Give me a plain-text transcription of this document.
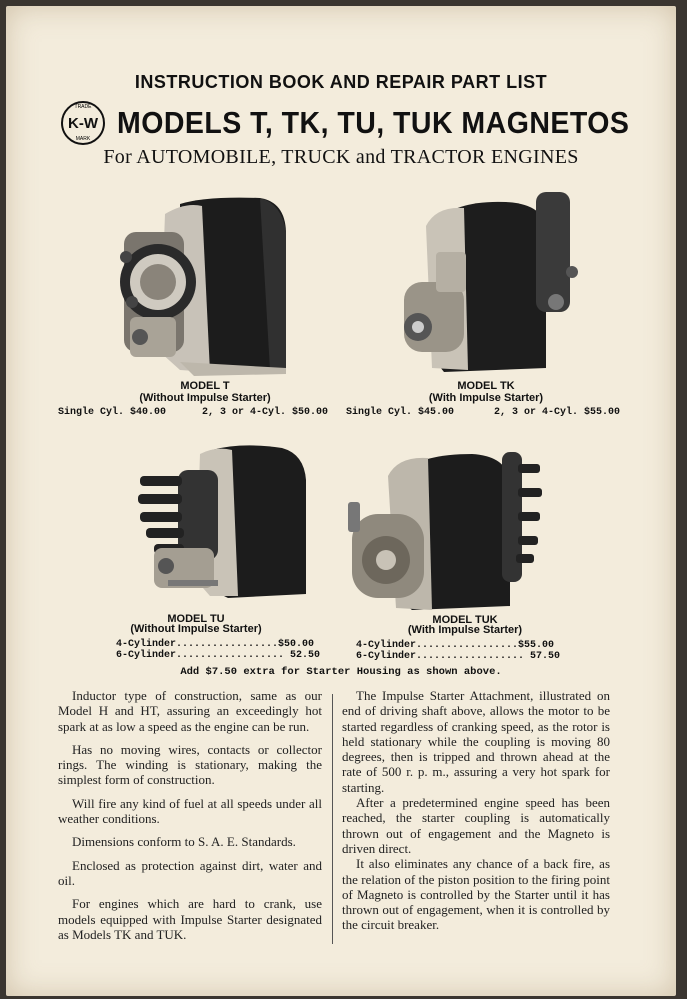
INSTRUCTION BOOK AND REPAIR PART LIST
TRADE
K-W
MARK MODELS T, TK, TU, TUK MAGNETOS
For AUTOMOBILE, TRUCK and TRACTOR ENGINES
MODEL T
(Without Impulse Starter)
Single Cyl. $40.00	2, 3 or 4-Cyl. $50.00
MODEL TK
(With Impulse Starter)
Single Cyl. $45.00	2, 3 or 4-Cyl. $55.00
MODEL TU
(Without Impulse Starter)
4-Cylinder.................$50.00
6-Cylinder.................. 52.50
MODEL TUK
(With Impulse Starter)
4-Cylinder.................$55.00
6-Cylinder.................. 57.50
Add $7.50 extra for Starter Housing as shown above.

Inductor type of construction, same as our Model H and HT, assuring an exceedingly hot spark at as low a speed as the engine can be run.

Has no moving wires, contacts or collector rings. The winding is stationary, making the simplest form of construction.

Will fire any kind of fuel at all speeds under all weather conditions.

Dimensions conform to S. A. E. Standards.

Enclosed as protection against dirt, water and oil.

For engines which are hard to crank, use models equipped with Impulse Starter designated as Models TK and TUK.

The Impulse Starter Attachment, illustrated on end of driving shaft above, allows the motor to be started regardless of cranking speed, as the rotor is held stationary while the coupling is moving 80 degrees, then is tripped and thrown ahead at the rate of 500 r. p. m., assuring a very hot spark for starting.

After a predetermined engine speed has been reached, the starter coupling is automatically thrown out of engagement and the Magneto is driven direct.

It also eliminates any chance of a back fire, as the relation of the piston position to the firing point of Magneto is controlled by the Starter until it has thrown out of engagement, when it is controlled by the circuit breaker.
